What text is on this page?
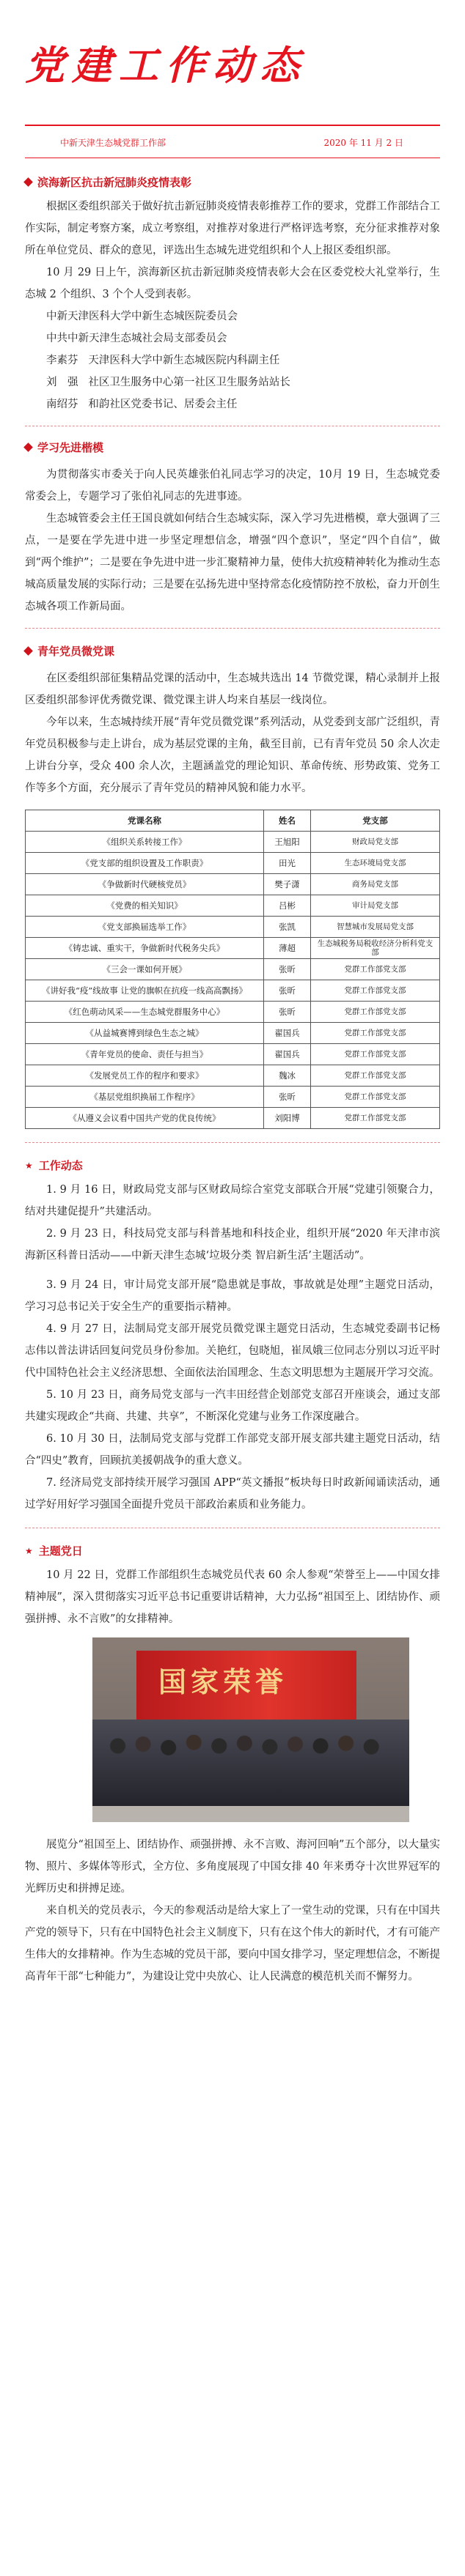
党建工作动态
中新天津生态城党群工作部	2020 年 11 月 2 日
滨海新区抗击新冠肺炎疫情表彰
根据区委组织部关于做好抗击新冠肺炎疫情表彰推荐工作的要求，党群工作部结合工作实际，制定考察方案，成立考察组，对推荐对象进行严格评选考察，充分征求推荐对象所在单位党员、群众的意见，评选出生态城先进党组织和个人上报区委组织部。
10 月 29 日上午，滨海新区抗击新冠肺炎疫情表彰大会在区委党校大礼堂举行，生态城 2 个组织、3 个个人受到表彰。
中新天津医科大学中新生态城医院委员会
中共中新天津生态城社会局支部委员会
李素芬 天津医科大学中新生态城医院内科副主任
刘　强 社区卫生服务中心第一社区卫生服务站站长
南绍芬 和韵社区党委书记、居委会主任
学习先进楷模
为贯彻落实市委关于向人民英雄张伯礼同志学习的决定，10月 19 日，生态城党委常委会上，专题学习了张伯礼同志的先进事迹。
生态城管委会主任王国良就如何结合生态城实际，深入学习先进楷模，章大强调了三点，一是要在学先进中进一步坚定理想信念，增强“四个意识”，坚定“四个自信”，做到“两个维护”；二是要在争先进中进一步汇聚精神力量，使伟大抗疫精神转化为推动生态城高质量发展的实际行动；三是要在弘扬先进中坚持常态化疫情防控不放松，奋力开创生态城各项工作新局面。
青年党员微党课
在区委组织部征集精品党课的活动中，生态城共选出 14 节微党课，精心录制并上报区委组织部参评优秀微党课、微党课主讲人均来自基层一线岗位。
今年以来，生态城持续开展“青年党员微党课”系列活动，从党委到支部广泛组织，青年党员积极参与走上讲台，成为基层党课的主角，截至目前，已有青年党员 50 余人次走上讲台分享，受众 400 余人次，主题涵盖党的理论知识、革命传统、形势政策、党务工作等多个方面，充分展示了青年党员的精神风貌和能力水平。
党课名称	姓名	党支部
《组织关系转接工作》	王旭阳	财政局党支部
《党支部的组织设置及工作职责》	田光	生态环境局党支部
《争做新时代硬核党员》	樊子潇	商务局党支部
《党费的相关知识》	吕彬	审计局党支部
《党支部换届选举工作》	张凯	智慧城市发展局党支部
《铸忠诚、重实干，争做新时代税务尖兵》	薄超	生态城税务局税收经济分析科党支部
《三会一课如何开展》	张昕	党群工作部党支部
《讲好我“疫”线故事 让党的旗帜在抗疫一线高高飘扬》	张昕	党群工作部党支部
《红色萌动风采——生态城党群服务中心》	张昕	党群工作部党支部
《从益城赛博到绿色生态之城》	翟国兵	党群工作部党支部
《青年党员的使命、责任与担当》	翟国兵	党群工作部党支部
《发展党员工作的程序和要求》	魏冰	党群工作部党支部
《基层党组织换届工作程序》	张昕	党群工作部党支部
《从遵义会议看中国共产党的优良传统》	刘阳博	党群工作部党支部
★ 工作动态
1. 9 月 16 日，财政局党支部与区财政局综合室党支部联合开展“党建引领聚合力，结对共建促提升”共建活动。
2. 9 月 23 日，科技局党支部与科普基地和科技企业，组织开展“2020 年天津市滨海新区科普日活动——中新天津生态城‘垃圾分类 智启新生活’主题活动”。
3. 9 月 24 日，审计局党支部开展“隐患就是事故，事故就是处理”主题党日活动，学习习总书记关于安全生产的重要指示精神。
4. 9 月 27 日，法制局党支部开展党员微党课主题党日活动，生态城党委副书记杨志伟以普法讲话回复问党员身份参加。关艳红，包晓旭，崔凤娥三位同志分别以习近平时代中国特色社会主义经济思想、全面依法治国理念、生态文明思想为主题展开学习交流。
5. 10 月 23 日，商务局党支部与一汽丰田经营企划部党支部召开座谈会，通过支部共建实现政企“共商、共建、共享”，不断深化党建与业务工作深度融合。
6. 10 月 30 日，法制局党支部与党群工作部党支部开展支部共建主题党日活动，结合“四史”教育，回顾抗美援朝战争的重大意义。
7. 经济局党支部持续开展学习强国 APP“英文播报”板块每日时政新闻诵读活动，通过学好用好学习强国全面提升党员干部政治素质和业务能力。
★ 主题党日
10 月 22 日，党群工作部组织生态城党员代表 60 余人参观“荣誉至上——中国女排精神展”，深入贯彻落实习近平总书记重要讲话精神，大力弘扬“祖国至上、团结协作、顽强拼搏、永不言败”的女排精神。
国家荣誉
展览分“祖国至上、团结协作、顽强拼搏、永不言败、海河回响”五个部分，以大量实物、照片、多媒体等形式，全方位、多角度展现了中国女排 40 年来勇夺十次世界冠军的光辉历史和拼搏足迹。
来自机关的党员表示，今天的参观活动是给大家上了一堂生动的党课，只有在中国共产党的领导下，只有在中国特色社会主义制度下，只有在这个伟大的新时代，才有可能产生伟大的女排精神。作为生态城的党员干部，要向中国女排学习，坚定理想信念，不断提高青年干部“七种能力”，为建设让党中央放心、让人民满意的模范机关而不懈努力。
